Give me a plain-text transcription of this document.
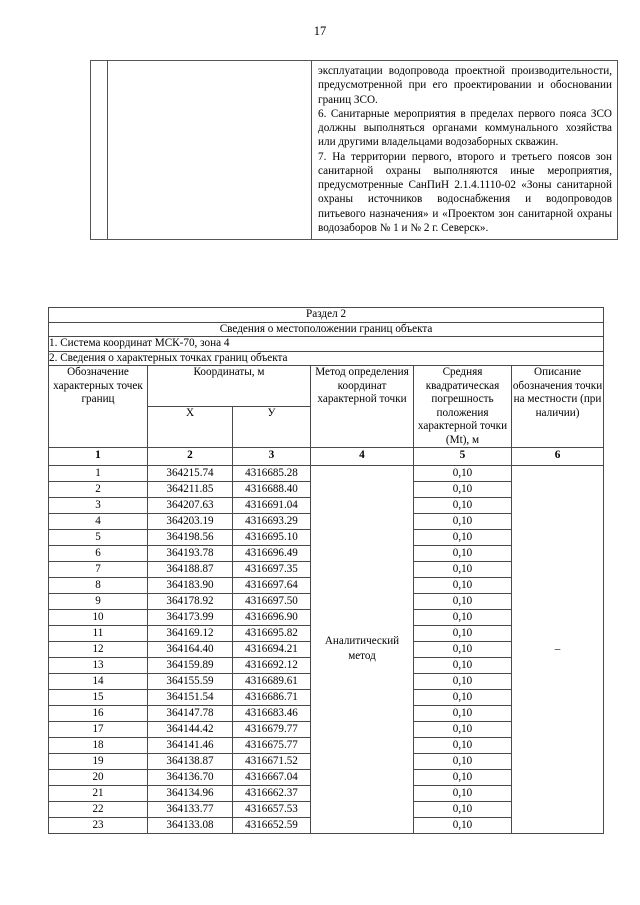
17

эксплуатации водопровода проектной производительности, предусмотренной при его проектировании и обосновании границ ЗСО.

6. Санитарные мероприятия в пределах первого пояса ЗСО должны выполняться органами коммунального хозяйства или другими владельцами водозаборных скважин.

7. На территории первого, второго и третьего поясов зон санитарной охраны выполняются иные мероприятия, предусмотренные СанПиН 2.1.4.1110-02 «Зоны санитарной охраны источников водоснабжения и водопроводов питьевого назначения» и «Проектом зон санитарной охраны водозаборов № 1 и № 2 г. Северск».

Раздел 2					
Сведения о местоположении границ объекта					
1. Система координат МСК-70, зона 4					
2. Сведения о характерных точках границ объекта					
Обозначение характерных точек границ	Координаты, м		Метод определения координат характерной точки	Средняя квадратическая погрешность положения характерной точки (Mt), м	Описание обозначения точки на местности (при наличии)
	X	У			
1	2	3	4	5	6
1	364215.74	4316685.28	Аналитический метод	0,10	–
2	364211.85	4316688.40		0,10	
3	364207.63	4316691.04		0,10	
4	364203.19	4316693.29		0,10	
5	364198.56	4316695.10		0,10	
6	364193.78	4316696.49		0,10	
7	364188.87	4316697.35		0,10	
8	364183.90	4316697.64		0,10	
9	364178.92	4316697.50		0,10	
10	364173.99	4316696.90		0,10	
11	364169.12	4316695.82		0,10	
12	364164.40	4316694.21		0,10	
13	364159.89	4316692.12		0,10	
14	364155.59	4316689.61		0,10	
15	364151.54	4316686.71		0,10	
16	364147.78	4316683.46		0,10	
17	364144.42	4316679.77		0,10	
18	364141.46	4316675.77		0,10	
19	364138.87	4316671.52		0,10	
20	364136.70	4316667.04		0,10	
21	364134.96	4316662.37		0,10	
22	364133.77	4316657.53		0,10	
23	364133.08	4316652.59		0,10	
